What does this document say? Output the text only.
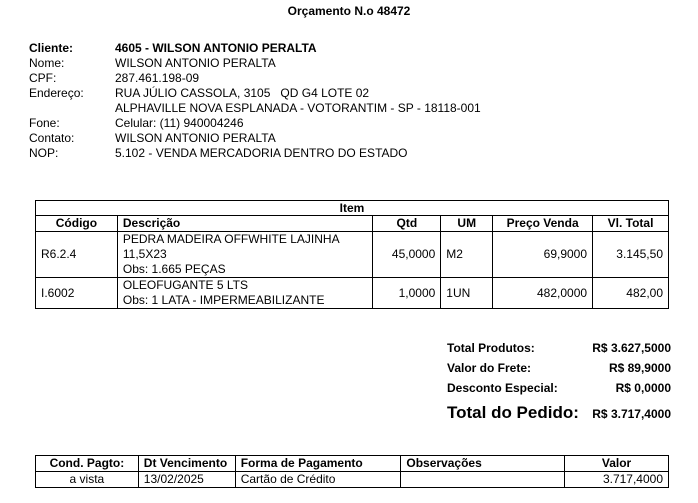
Orçamento N.o 48472
Cliente:	4605 - WILSON ANTONIO PERALTA
Nome:	WILSON ANTONIO PERALTA
CPF:	287.461.198-09
Endereço:	RUA JÚLIO CASSOLA, 3105   QD G4 LOTE 02
ALPHAVILLE NOVA ESPLANADA - VOTORANTIM - SP - 18118-001
Fone:	Celular: (11) 940004246
Contato:	WILSON ANTONIO PERALTA
NOP:	5.102 - VENDA MERCADORIA DENTRO DO ESTADO
Item					
Código	Descrição	Qtd	UM	Preço Venda	Vl. Total
R6.2.4	PEDRA MADEIRA OFFWHITE LAJINHA
11,5X23
Obs: 1.665 PEÇAS	45,0000	M2	69,9000	3.145,50
I.6002	OLEOFUGANTE 5 LTS
Obs: 1 LATA - IMPERMEABILIZANTE	1,0000	1UN	482,0000	482,00
Total Produtos:	R$ 3.627,5000
Valor do Frete:	R$ 89,9000
Desconto Especial:	R$ 0,0000
Total do Pedido: R$ 3.717,4000
Cond. Pagto:	Dt Vencimento	Forma de Pagamento	Observações	Valor
a vista	13/02/2025	Cartão de Crédito		3.717,4000
